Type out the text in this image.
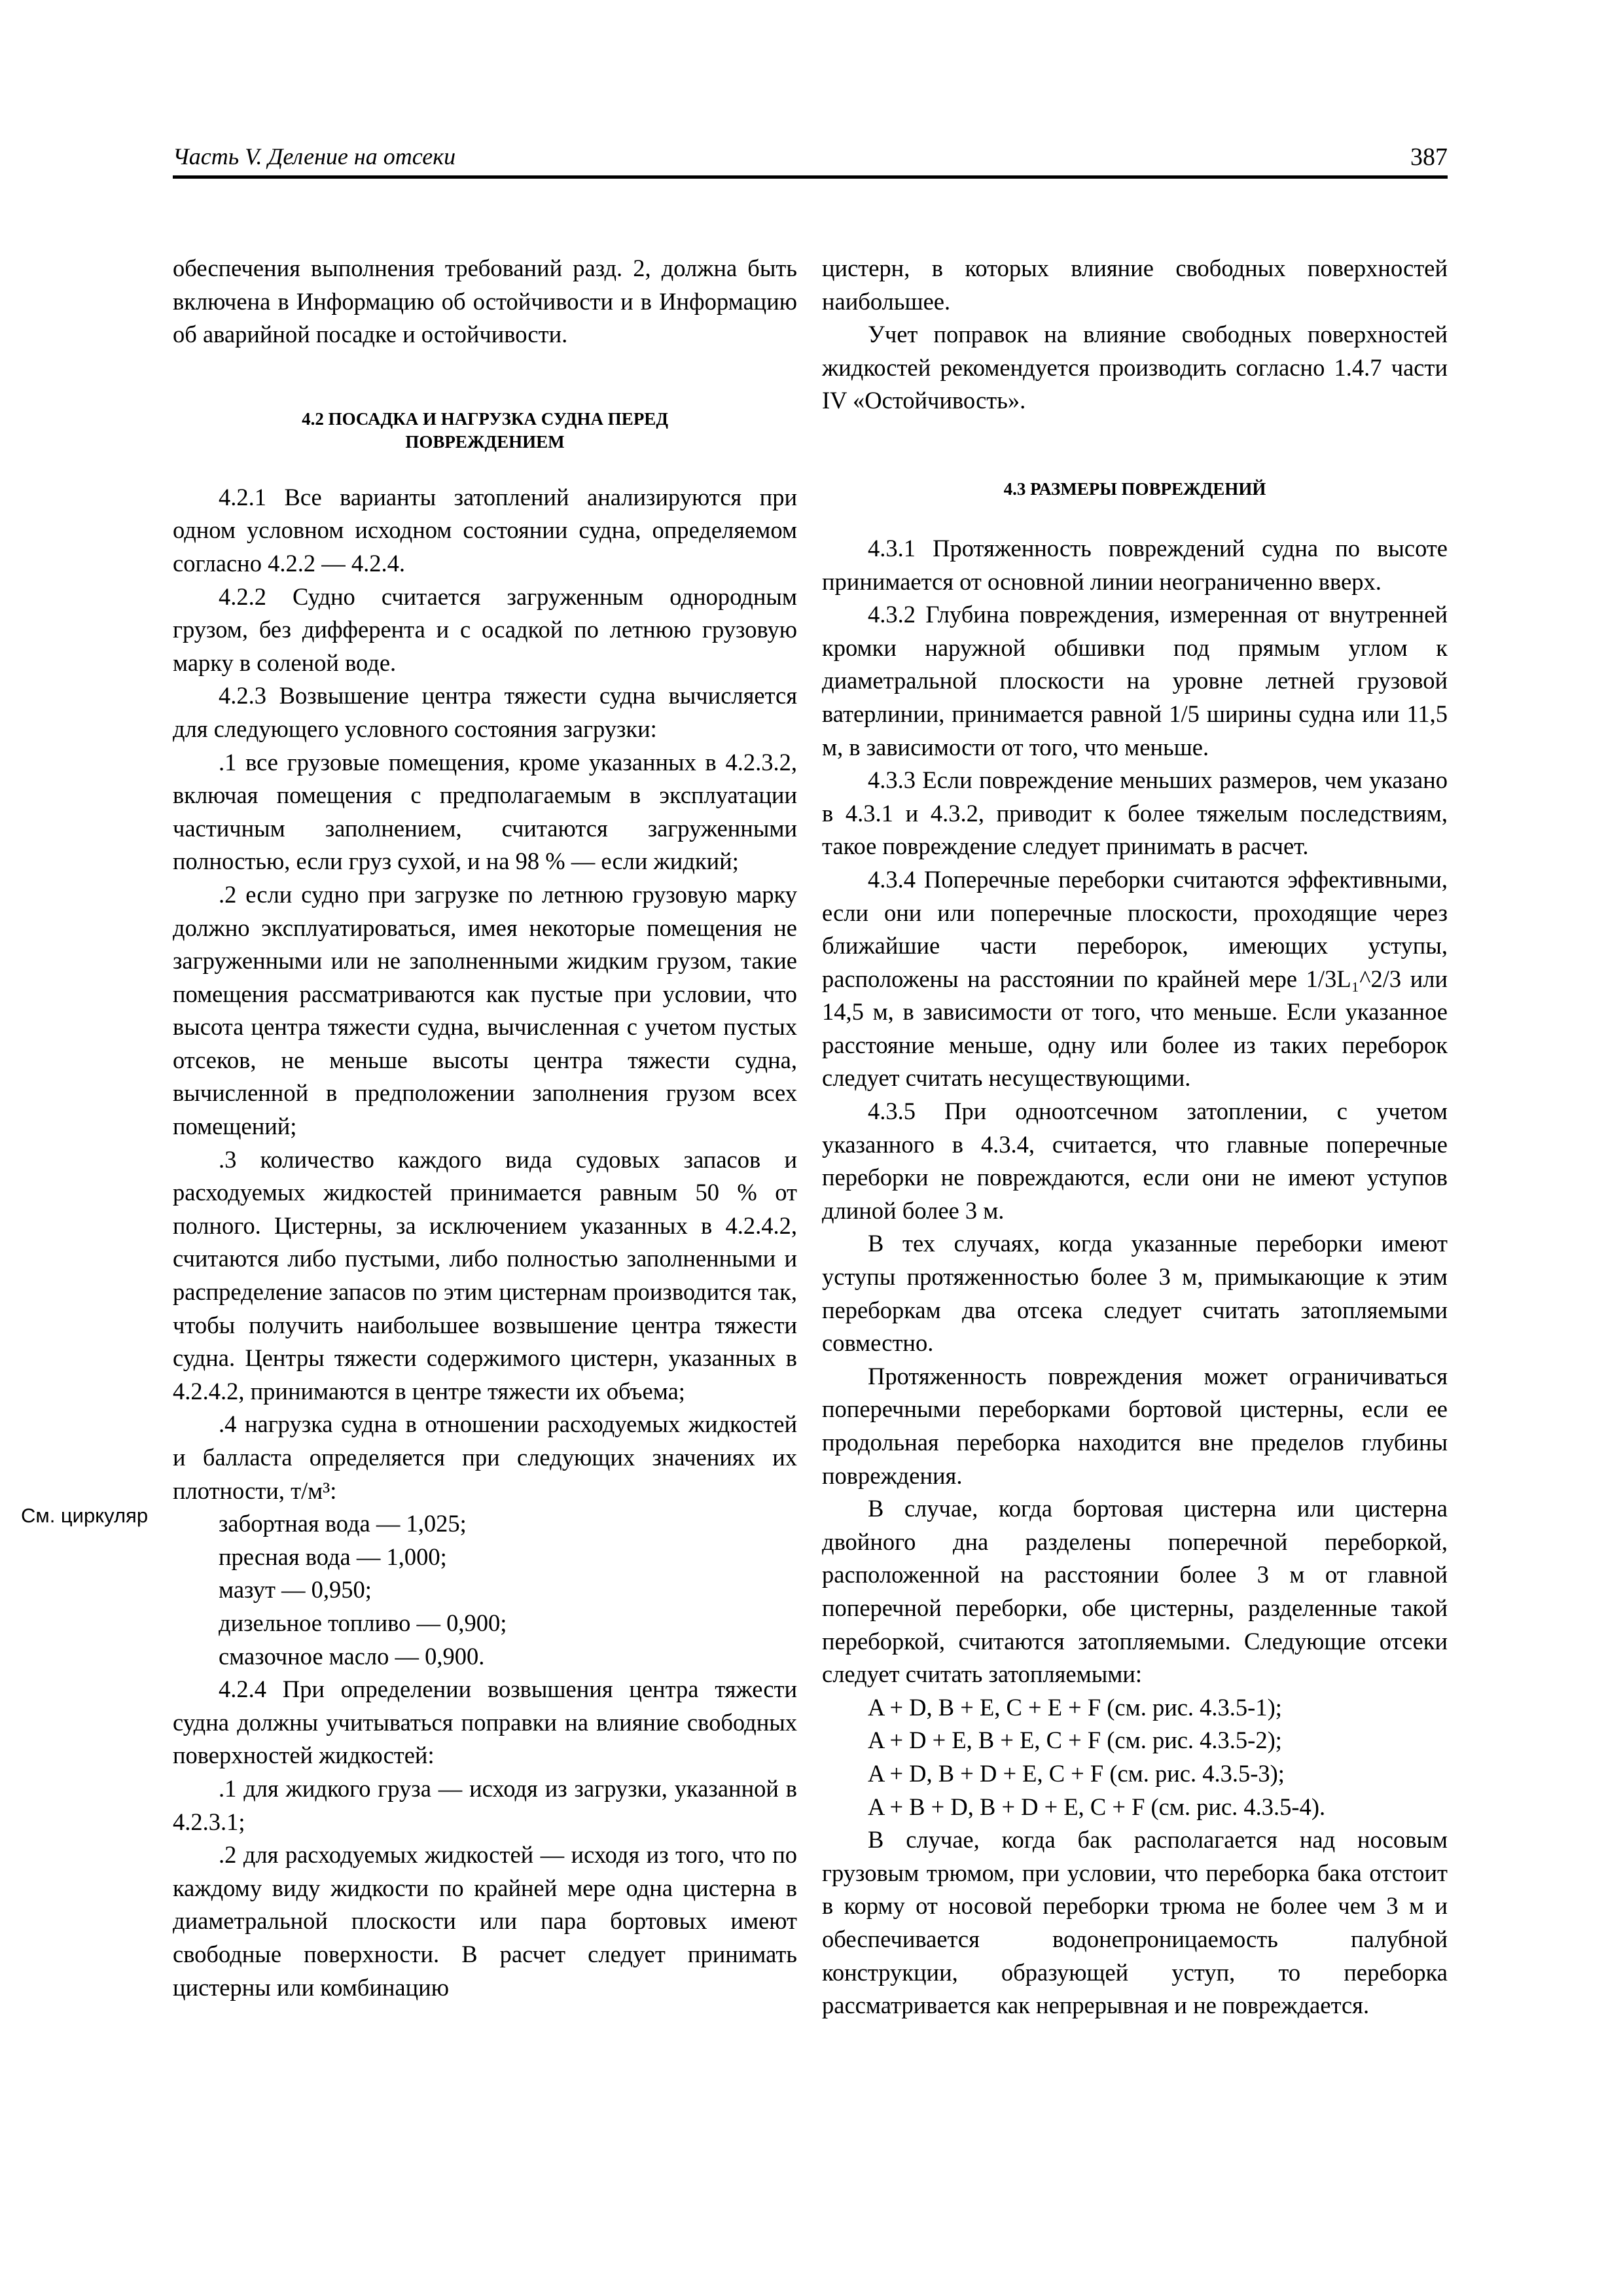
Часть V. Деление на отсеки	387
См. циркуляр

обеспечения выполнения требований разд. 2, должна быть включена в Информацию об остойчивости и в Информацию об аварийной посадке и остойчивости.

4.2 ПОСАДКА И НАГРУЗКА СУДНА ПЕРЕД ПОВРЕЖДЕНИЕМ

4.2.1 Все варианты затоплений анализируются при одном условном исходном состоянии судна, определяемом согласно 4.2.2 — 4.2.4.

4.2.2 Судно считается загруженным однородным грузом, без дифферента и с осадкой по летнюю грузовую марку в соленой воде.

4.2.3 Возвышение центра тяжести судна вычисляется для следующего условного состояния загрузки:

.1 все грузовые помещения, кроме указанных в 4.2.3.2, включая помещения с предполагаемым в эксплуатации частичным заполнением, считаются загруженными полностью, если груз сухой, и на 98 % — если жидкий;

.2 если судно при загрузке по летнюю грузовую марку должно эксплуатироваться, имея некоторые помещения не загруженными или не заполненными жидким грузом, такие помещения рассматриваются как пустые при условии, что высота центра тяжести судна, вычисленная с учетом пустых отсеков, не меньше высоты центра тяжести судна, вычисленной в предположении заполнения грузом всех помещений;

.3 количество каждого вида судовых запасов и расходуемых жидкостей принимается равным 50 % от полного. Цистерны, за исключением указанных в 4.2.4.2, считаются либо пустыми, либо полностью заполненными и распределение запасов по этим цистернам производится так, чтобы получить наибольшее возвышение центра тяжести судна. Центры тяжести содержимого цистерн, указанных в 4.2.4.2, принимаются в центре тяжести их объема;

.4 нагрузка судна в отношении расходуемых жидкостей и балласта определяется при следующих значениях их плотности, т/м³:

забортная вода — 1,025;

пресная вода — 1,000;

мазут — 0,950;

дизельное топливо — 0,900;

смазочное масло — 0,900.

4.2.4 При определении возвышения центра тяжести судна должны учитываться поправки на влияние свободных поверхностей жидкостей:

.1 для жидкого груза — исходя из загрузки, указанной в 4.2.3.1;

.2 для расходуемых жидкостей — исходя из того, что по каждому виду жидкости по крайней мере одна цистерна в диаметральной плоскости или пара бортовых имеют свободные поверхности. В расчет следует принимать цистерны или комбинацию

цистерн, в которых влияние свободных поверхностей наибольшее.

Учет поправок на влияние свободных поверхностей жидкостей рекомендуется производить согласно 1.4.7 части IV «Остойчивость».

4.3 РАЗМЕРЫ ПОВРЕЖДЕНИЙ

4.3.1 Протяженность повреждений судна по высоте принимается от основной линии неограниченно вверх.

4.3.2 Глубина повреждения, измеренная от внутренней кромки наружной обшивки под прямым углом к диаметральной плоскости на уровне летней грузовой ватерлинии, принимается равной 1/5 ширины судна или 11,5 м, в зависимости от того, что меньше.

4.3.3 Если повреждение меньших размеров, чем указано в 4.3.1 и 4.3.2, приводит к более тяжелым последствиям, такое повреждение следует принимать в расчет.

4.3.4 Поперечные переборки считаются эффективными, если они или поперечные плоскости, проходящие через ближайшие части переборок, имеющих уступы, расположены на расстоянии по крайней мере 1/3L₁^2/3 или 14,5 м, в зависимости от того, что меньше. Если указанное расстояние меньше, одну или более из таких переборок следует считать несуществующими.

4.3.5 При одноотсечном затоплении, с учетом указанного в 4.3.4, считается, что главные поперечные переборки не повреждаются, если они не имеют уступов длиной более 3 м.

В тех случаях, когда указанные переборки имеют уступы протяженностью более 3 м, примыкающие к этим переборкам два отсека следует считать затопляемыми совместно.

Протяженность повреждения может ограничиваться поперечными переборками бортовой цистерны, если ее продольная переборка находится вне пределов глубины повреждения.

В случае, когда бортовая цистерна или цистерна двойного дна разделены поперечной переборкой, расположенной на расстоянии более 3 м от главной поперечной переборки, обе цистерны, разделенные такой переборкой, считаются затопляемыми. Следующие отсеки следует считать затопляемыми:

A + D, B + E, C + E + F (см. рис. 4.3.5-1);

A + D + E, B + E, C + F (см. рис. 4.3.5-2);

A + D, B + D + E, C + F (см. рис. 4.3.5-3);

A + B + D, B + D + E, C + F (см. рис. 4.3.5-4).

В случае, когда бак располагается над носовым грузовым трюмом, при условии, что переборка бака отстоит в корму от носовой переборки трюма не более чем 3 м и обеспечивается водонепроницаемость палубной конструкции, образующей уступ, то переборка рассматривается как непрерывная и не повреждается.
